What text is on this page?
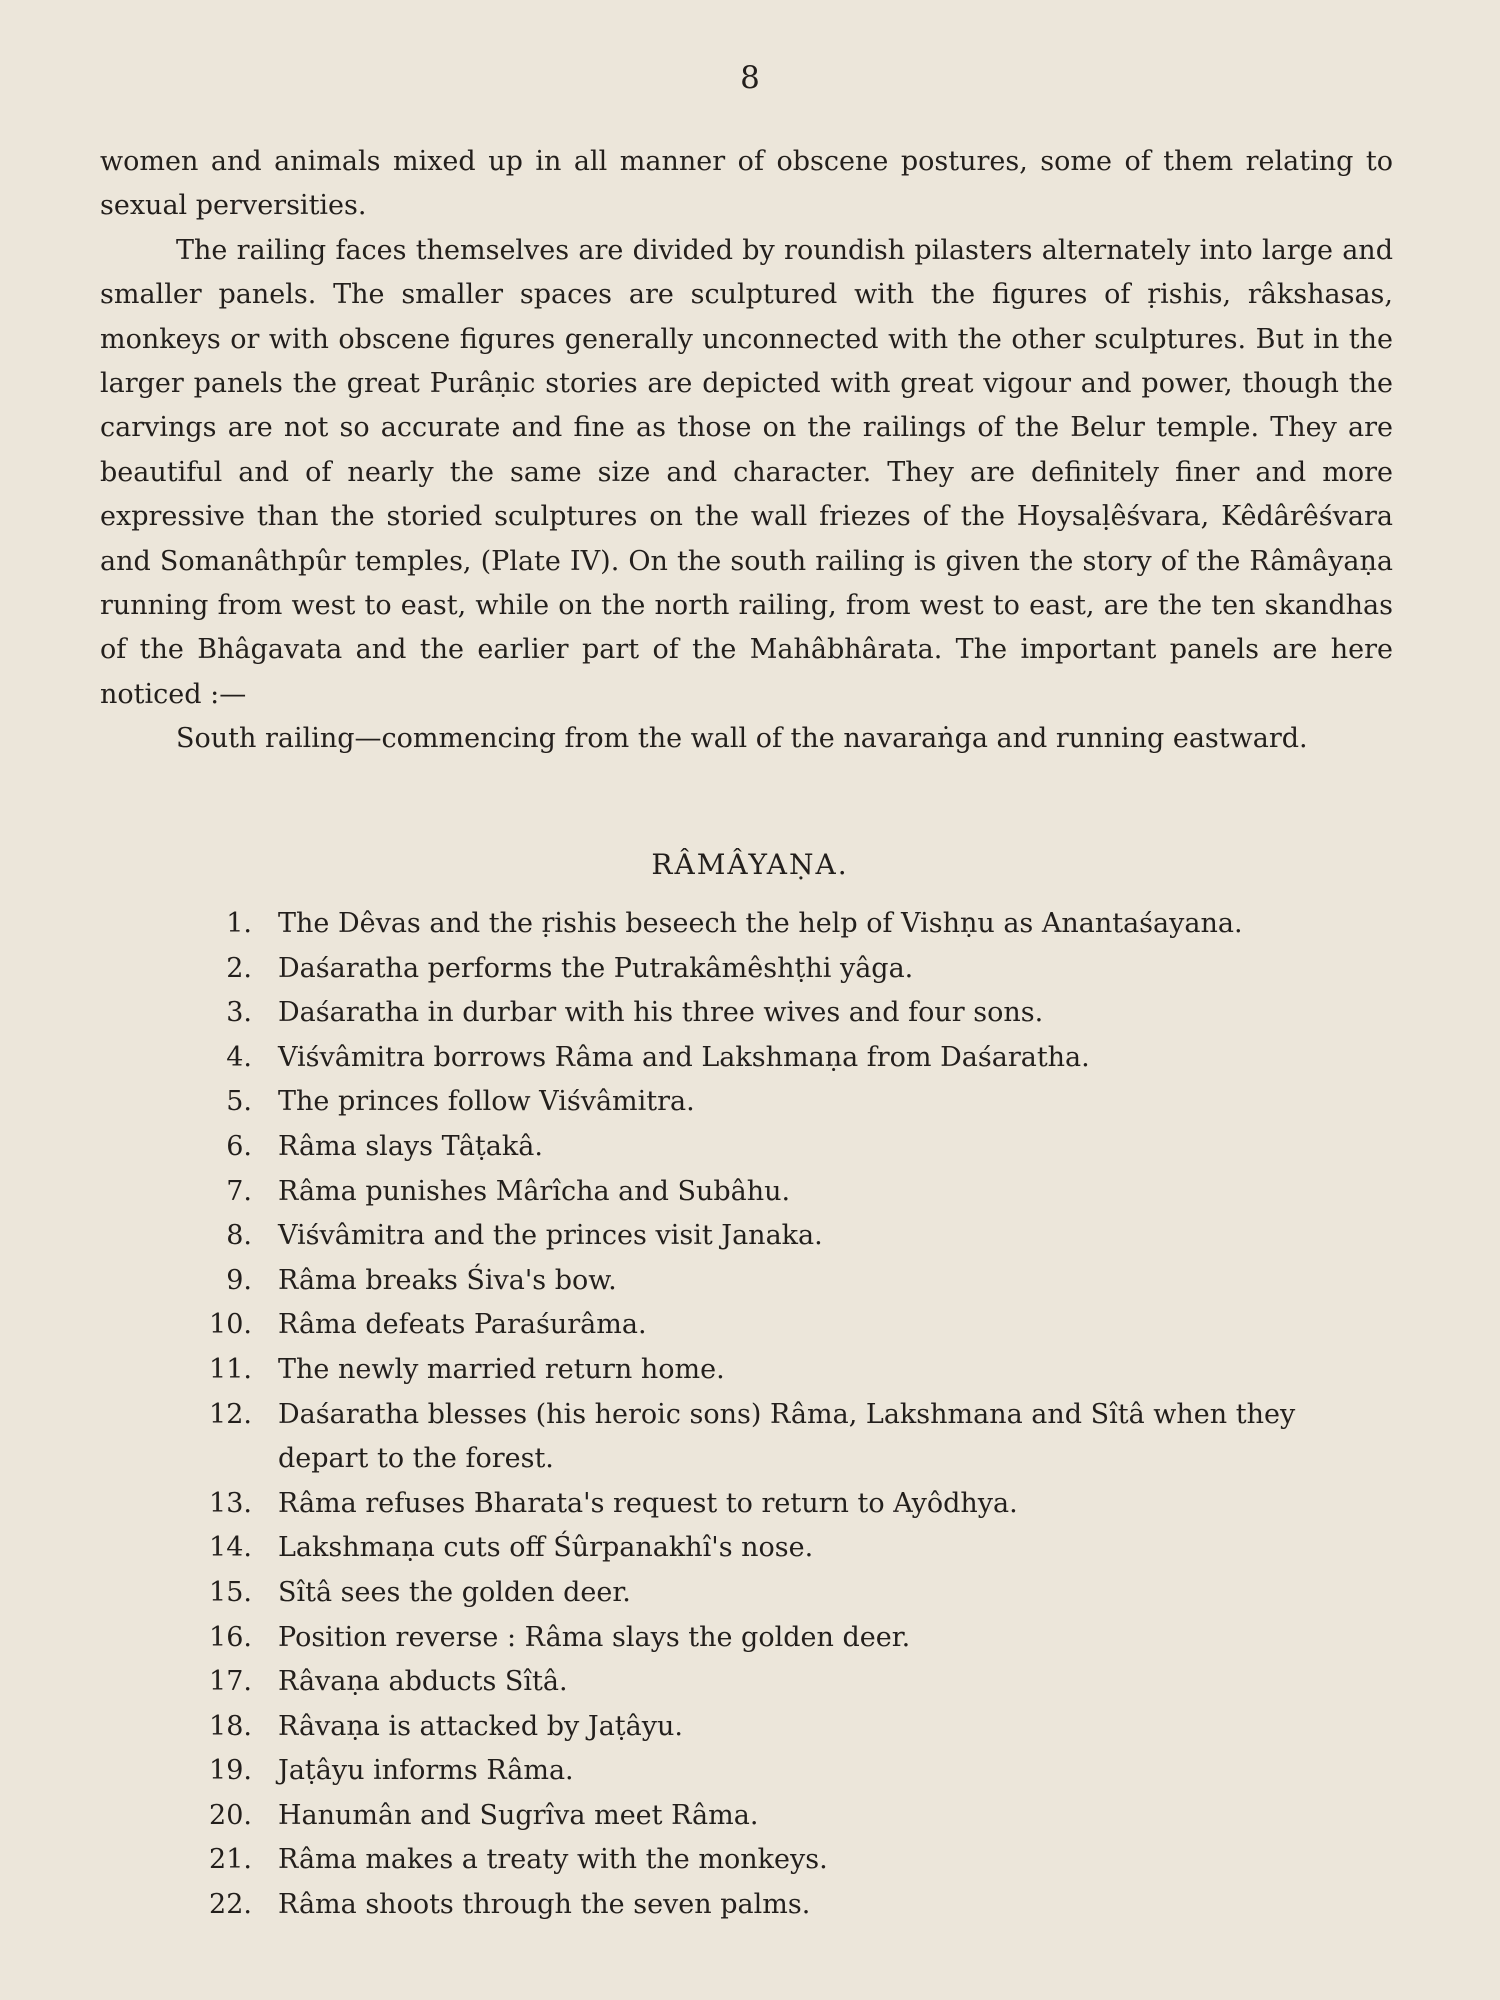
8

women and animals mixed up in all manner of obscene postures, some of them relating to sexual perversities.

The railing faces themselves are divided by roundish pilasters alternately into large and smaller panels. The smaller spaces are sculptured with the figures of ṛishis, râkshasas, monkeys or with obscene figures generally unconnected with the other sculptures. But in the larger panels the great Purâṇic stories are depicted with great vigour and power, though the carvings are not so accurate and fine as those on the railings of the Belur temple. They are beautiful and of nearly the same size and character. They are definitely finer and more expressive than the storied sculptures on the wall friezes of the Hoysaḷêśvara, Kêdârêśvara and Somanâthpûr temples, (Plate IV). On the south railing is given the story of the Râmâyaṇa running from west to east, while on the north railing, from west to east, are the ten skandhas of the Bhâgavata and the earlier part of the Mahâbhârata. The important panels are here noticed :—

South railing—commencing from the wall of the navaraṅga and running eastward.

RÂMÂYAṆA.
1. The Dêvas and the ṛishis beseech the help of Vishṇu as Anantaśayana.
2. Daśaratha performs the Putrakâmêshṭhi yâga.
3. Daśaratha in durbar with his three wives and four sons.
4. Viśvâmitra borrows Râma and Lakshmaṇa from Daśaratha.
5. The princes follow Viśvâmitra.
6. Râma slays Tâṭakâ.
7. Râma punishes Mârîcha and Subâhu.
8. Viśvâmitra and the princes visit Janaka.
9. Râma breaks Śiva's bow.
10. Râma defeats Paraśurâma.
11. The newly married return home.
12. Daśaratha blesses (his heroic sons) Râma, Lakshmana and Sîtâ when they depart to the forest.
13. Râma refuses Bharata's request to return to Ayôdhya.
14. Lakshmaṇa cuts off Śûrpanakhî's nose.
15. Sîtâ sees the golden deer.
16. Position reverse : Râma slays the golden deer.
17. Râvaṇa abducts Sîtâ.
18. Râvaṇa is attacked by Jaṭâyu.
19. Jaṭâyu informs Râma.
20. Hanumân and Sugrîva meet Râma.
21. Râma makes a treaty with the monkeys.
22. Râma shoots through the seven palms.
